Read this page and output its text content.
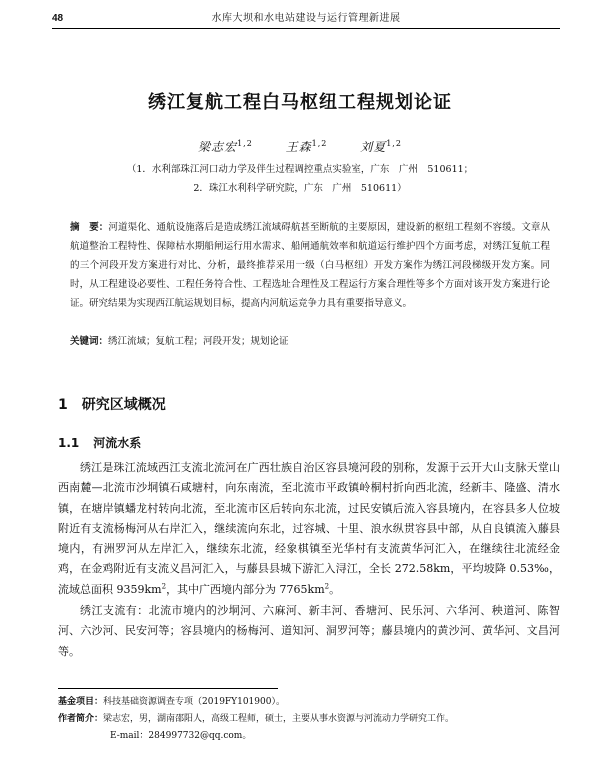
48	水库大坝和水电站建设与运行管理新进展
绣江复航工程白马枢纽工程规划论证
梁志宏$^{1,2}$	王森$^{1,2}$	刘夏$^{1,2}$
（1．水利部珠江河口动力学及伴生过程调控重点实验室，广东　广州　510611；
2．珠江水利科学研究院，广东　广州　510611）
摘　要：河道渠化、通航设施落后是造成绣江流域碍航甚至断航的主要原因，建设新的枢纽工程刻不容缓。文章从航道整治工程特性、保障枯水期船闸运行用水需求、船闸通航效率和航道运行维护四个方面考虑，对绣江复航工程的三个河段开发方案进行对比、分析，最终推荐采用一级（白马枢纽）开发方案作为绣江河段梯级开发方案。同时，从工程建设必要性、工程任务符合性、工程选址合理性及工程运行方案合理性等多个方面对该开发方案进行论证。研究结果为实现西江航运规划目标，提高内河航运竞争力具有重要指导意义。
关键词：绣江流域；复航工程；河段开发；规划论证
1 研究区域概况
1.1 河流水系
绣江是珠江流域西江支流北流河在广西壮族自治区容县境河段的别称，发源于云开大山支脉天堂山西南麓—北流市沙垌镇石咸塘村，向东南流，至北流市平政镇岭桐村折向西北流，经新丰、隆盛、清水镇，在塘岸镇蟠龙村转向北流，至北流市区后转向东北流，过民安镇后流入容县境内，在容县多人位坡附近有支流杨梅河从右岸汇入，继续流向东北，过容城、十里、浪水纵贯容县中部，从自良镇流入藤县境内，有洲罗河从左岸汇入，继续东北流，经象棋镇至光华村有支流黄华河汇入，在继续往北流经金鸡，在金鸡附近有支流义昌河汇入，与藤县县城下游汇入浔江，全长 272.58km，平均坡降 0.53‰，流域总面积 $9359km^2$，其中广西境内部分为 $7765km^2$。
绣江支流有：北流市境内的沙垌河、六麻河、新丰河、香塘河、民乐河、六华河、秧道河、陈智河、六沙河、民安河等；容县境内的杨梅河、道知河、洞罗河等；藤县境内的黄沙河、黄华河、文昌河等。
基金项目：科技基础资源调查专项（2019FY101900）。
作者简介：梁志宏，男，湖南邵阳人，高级工程师，硕士，主要从事水资源与河流动力学研究工作。
E-mail：284997732@qq.com。
